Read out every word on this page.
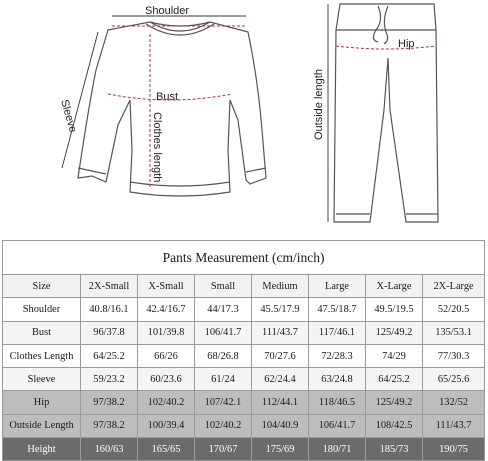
Shoulder
Bust
Sleeve	Clothes length
Hip
Outside length
Pants Measurement (cm/inch)							
Size	2X-Small	X-Small	Small	Medium	Large	X-Large	2X-Large
Shoulder	40.8/16.1	42.4/16.7	44/17.3	45.5/17.9	47.5/18.7	49.5/19.5	52/20.5
Bust	96/37.8	101/39.8	106/41.7	111/43.7	117/46.1	125/49.2	135/53.1
Clothes Length	64/25.2	66/26	68/26.8	70/27.6	72/28.3	74/29	77/30.3
Sleeve	59/23.2	60/23.6	61/24	62/24.4	63/24.8	64/25.2	65/25.6
Hip	97/38.2	102/40.2	107/42.1	112/44.1	118/46.5	125/49.2	132/52
Outside Length	97/38.2	100/39.4	102/40.2	104/40.9	106/41.7	108/42.5	111/43.7
Height	160/63	165/65	170/67	175/69	180/71	185/73	190/75
